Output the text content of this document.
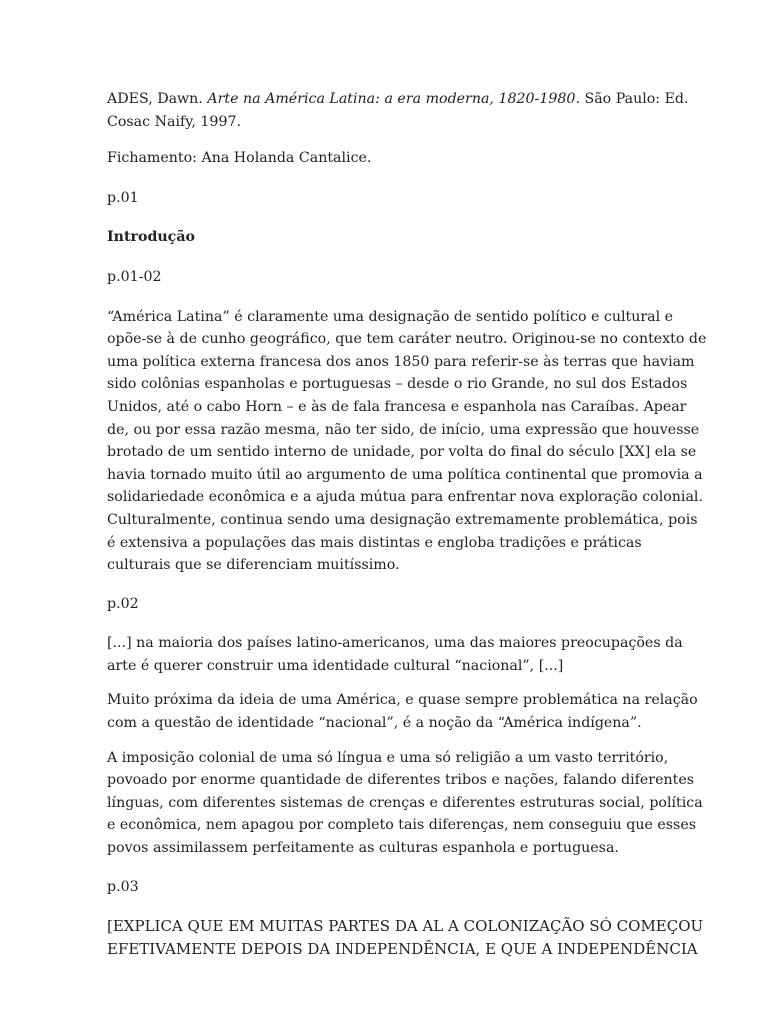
ADES, Dawn. Arte na América Latina: a era moderna, 1820-1980. São Paulo: Ed. Cosac Naify, 1997.

Fichamento: Ana Holanda Cantalice.

p.01

Introdução

p.01-02

“América Latina” é claramente uma designação de sentido político e cultural e opõe-se à de cunho geográfico, que tem caráter neutro. Originou-se no contexto de uma política externa francesa dos anos 1850 para referir-se às terras que haviam sido colônias espanholas e portuguesas – desde o rio Grande, no sul dos Estados Unidos, até o cabo Horn – e às de fala francesa e espanhola nas Caraíbas. Apear de, ou por essa razão mesma, não ter sido, de início, uma expressão que houvesse brotado de um sentido interno de unidade, por volta do final do século [XX] ela se havia tornado muito útil ao argumento de uma política continental que promovia a solidariedade econômica e a ajuda mútua para enfrentar nova exploração colonial. Culturalmente, continua sendo uma designação extremamente problemática, pois é extensiva a populações das mais distintas e engloba tradições e práticas culturais que se diferenciam muitíssimo.

p.02

[...] na maioria dos países latino-americanos, uma das maiores preocupações da arte é querer construir uma identidade cultural “nacional”, [...]

Muito próxima da ideia de uma América, e quase sempre problemática na relação com a questão de identidade “nacional”, é a noção da “América indígena”.

A imposição colonial de uma só língua e uma só religião a um vasto território, povoado por enorme quantidade de diferentes tribos e nações, falando diferentes línguas, com diferentes sistemas de crenças e diferentes estruturas social, política e econômica, nem apagou por completo tais diferenças, nem conseguiu que esses povos assimilassem perfeitamente as culturas espanhola e portuguesa.

p.03

[EXPLICA QUE EM MUITAS PARTES DA AL A COLONIZAÇÃO SÓ COMEÇOU EFETIVAMENTE DEPOIS DA INDEPENDÊNCIA, E QUE A INDEPENDÊNCIA
